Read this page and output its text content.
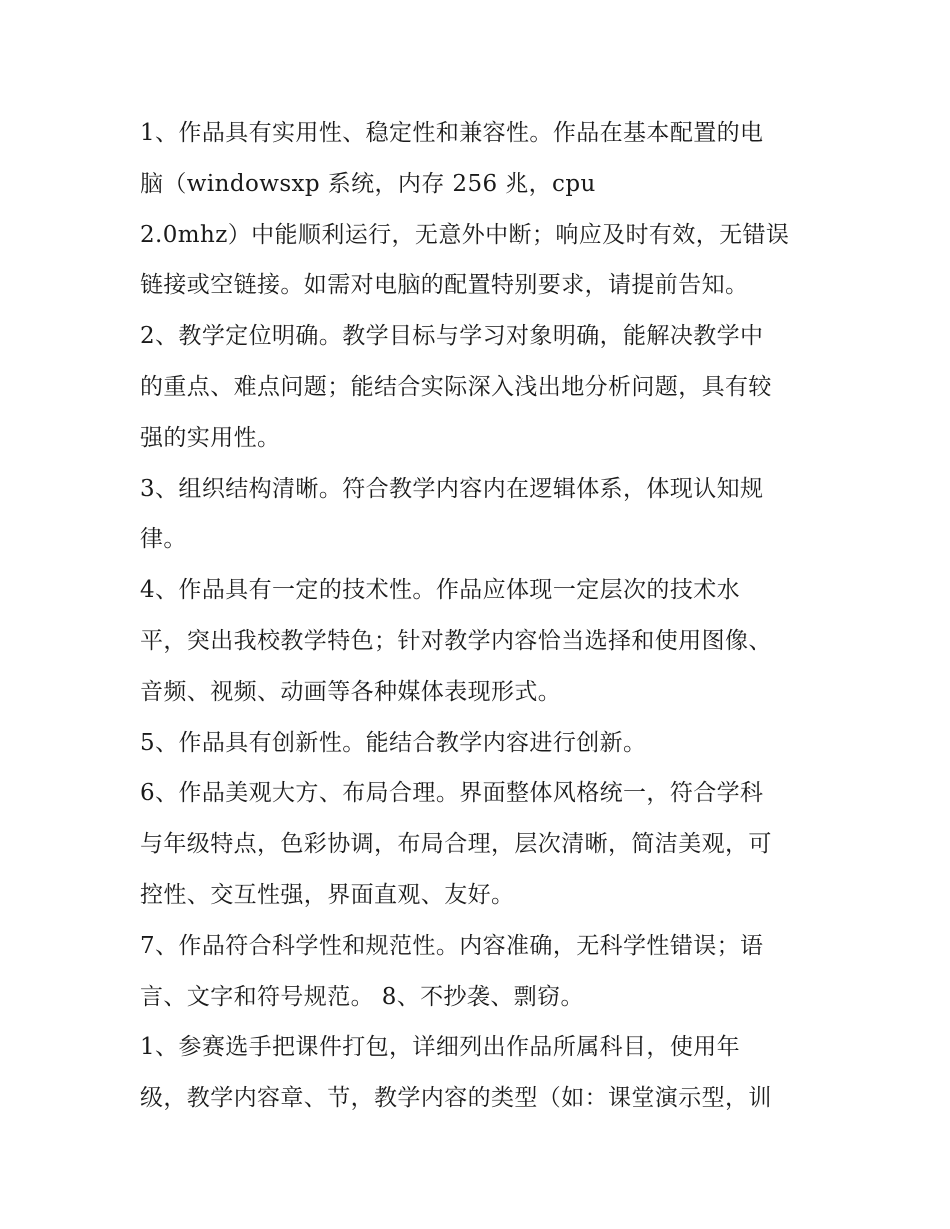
1、作品具有实用性、稳定性和兼容性。作品在基本配置的电
脑（windowsxp 系统，内存 256 兆，cpu
2.0mhz）中能顺利运行，无意外中断；响应及时有效，无错误
链接或空链接。如需对电脑的配置特别要求，请提前告知。
2、教学定位明确。教学目标与学习对象明确，能解决教学中
的重点、难点问题；能结合实际深入浅出地分析问题，具有较
强的实用性。
3、组织结构清晰。符合教学内容内在逻辑体系，体现认知规
律。
4、作品具有一定的技术性。作品应体现一定层次的技术水
平，突出我校教学特色；针对教学内容恰当选择和使用图像、
音频、视频、动画等各种媒体表现形式。
5、作品具有创新性。能结合教学内容进行创新。
6、作品美观大方、布局合理。界面整体风格统一，符合学科
与年级特点，色彩协调，布局合理，层次清晰，简洁美观，可
控性、交互性强，界面直观、友好。
7、作品符合科学性和规范性。内容准确，无科学性错误；语
言、文字和符号规范。 8、不抄袭、剽窃。
1、参赛选手把课件打包，详细列出作品所属科目，使用年
级，教学内容章、节，教学内容的类型（如：课堂演示型，训
